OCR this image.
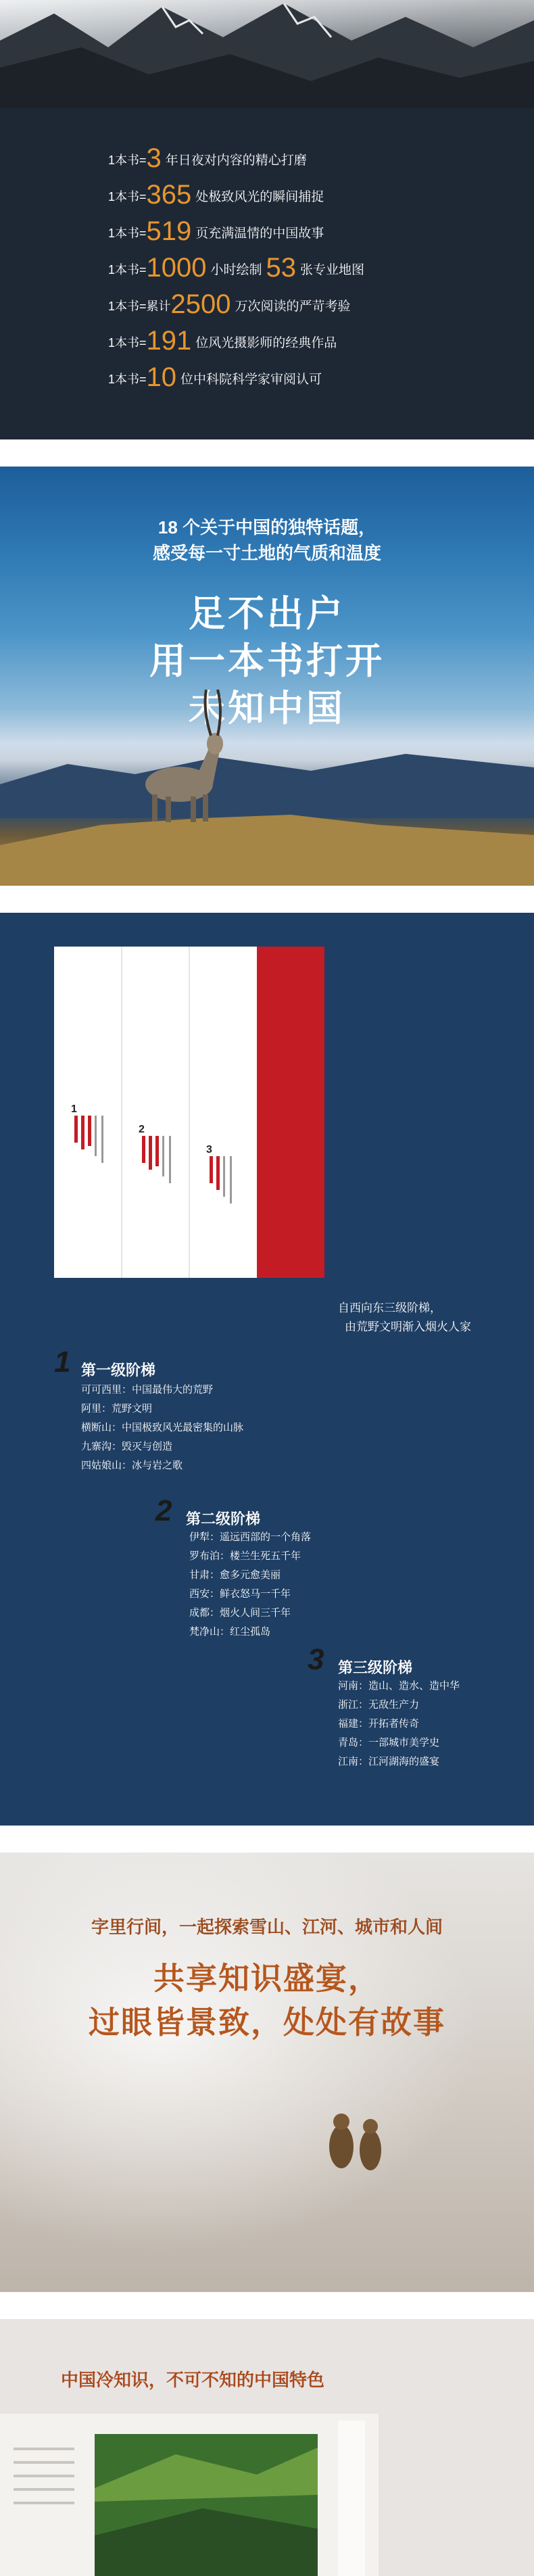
1本书=3 年日夜对内容的精心打磨
1本书=365 处极致风光的瞬间捕捉
1本书=519 页充满温情的中国故事
1本书=1000 小时绘制 53 张专业地图
1本书=累计2500 万次阅读的严苛考验
1本书=191 位风光摄影师的经典作品
1本书=10 位中科院科学家审阅认可
18 个关于中国的独特话题，
感受每一寸土地的气质和温度
足不出户
用一本书打开
未知中国
1
2
3
自西向东三级阶梯，
由荒野文明渐入烟火人家
1 第一级阶梯
可可西里：中国最伟大的荒野
阿里：荒野文明
横断山：中国极致风光最密集的山脉
九寨沟：毁灭与创造
四姑娘山：冰与岩之歌
2 第二级阶梯
伊犁：遥远西部的一个角落
罗布泊：楼兰生死五千年
甘肃：愈多元愈美丽
西安：鲜衣怒马一千年
成都：烟火人间三千年
梵净山：红尘孤岛
3 第三级阶梯
河南：造山、造水、造中华
浙江：无敌生产力
福建：开拓者传奇
青岛：一部城市美学史
江南：江河湖海的盛宴
字里行间，一起探索雪山、江河、城市和人间
共享知识盛宴，
过眼皆景致，处处有故事
中国冷知识，不可不知的中国特色
